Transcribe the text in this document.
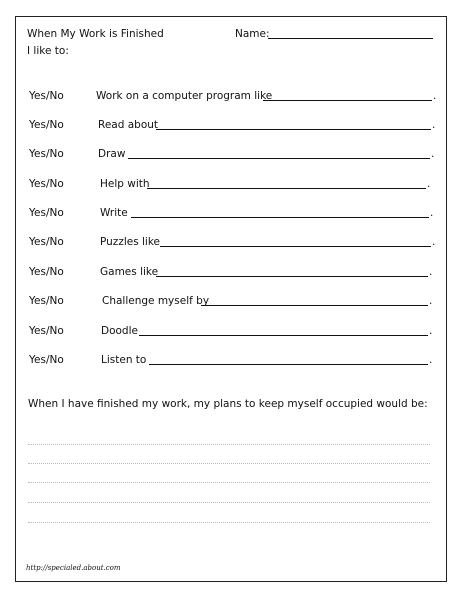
When My Work is Finished
I like to:
Name:
Yes/No	Work on a computer program like	.
Yes/No	Read about	.
Yes/No	Draw	.
Yes/No	Help with	.
Yes/No	Write	.
Yes/No	Puzzles like	.
Yes/No	Games like	.
Yes/No	Challenge myself by	.
Yes/No	Doodle	.
Yes/No	Listen to	.
When I have finished my work, my plans to keep myself occupied would be:
http://specialed.about.com
